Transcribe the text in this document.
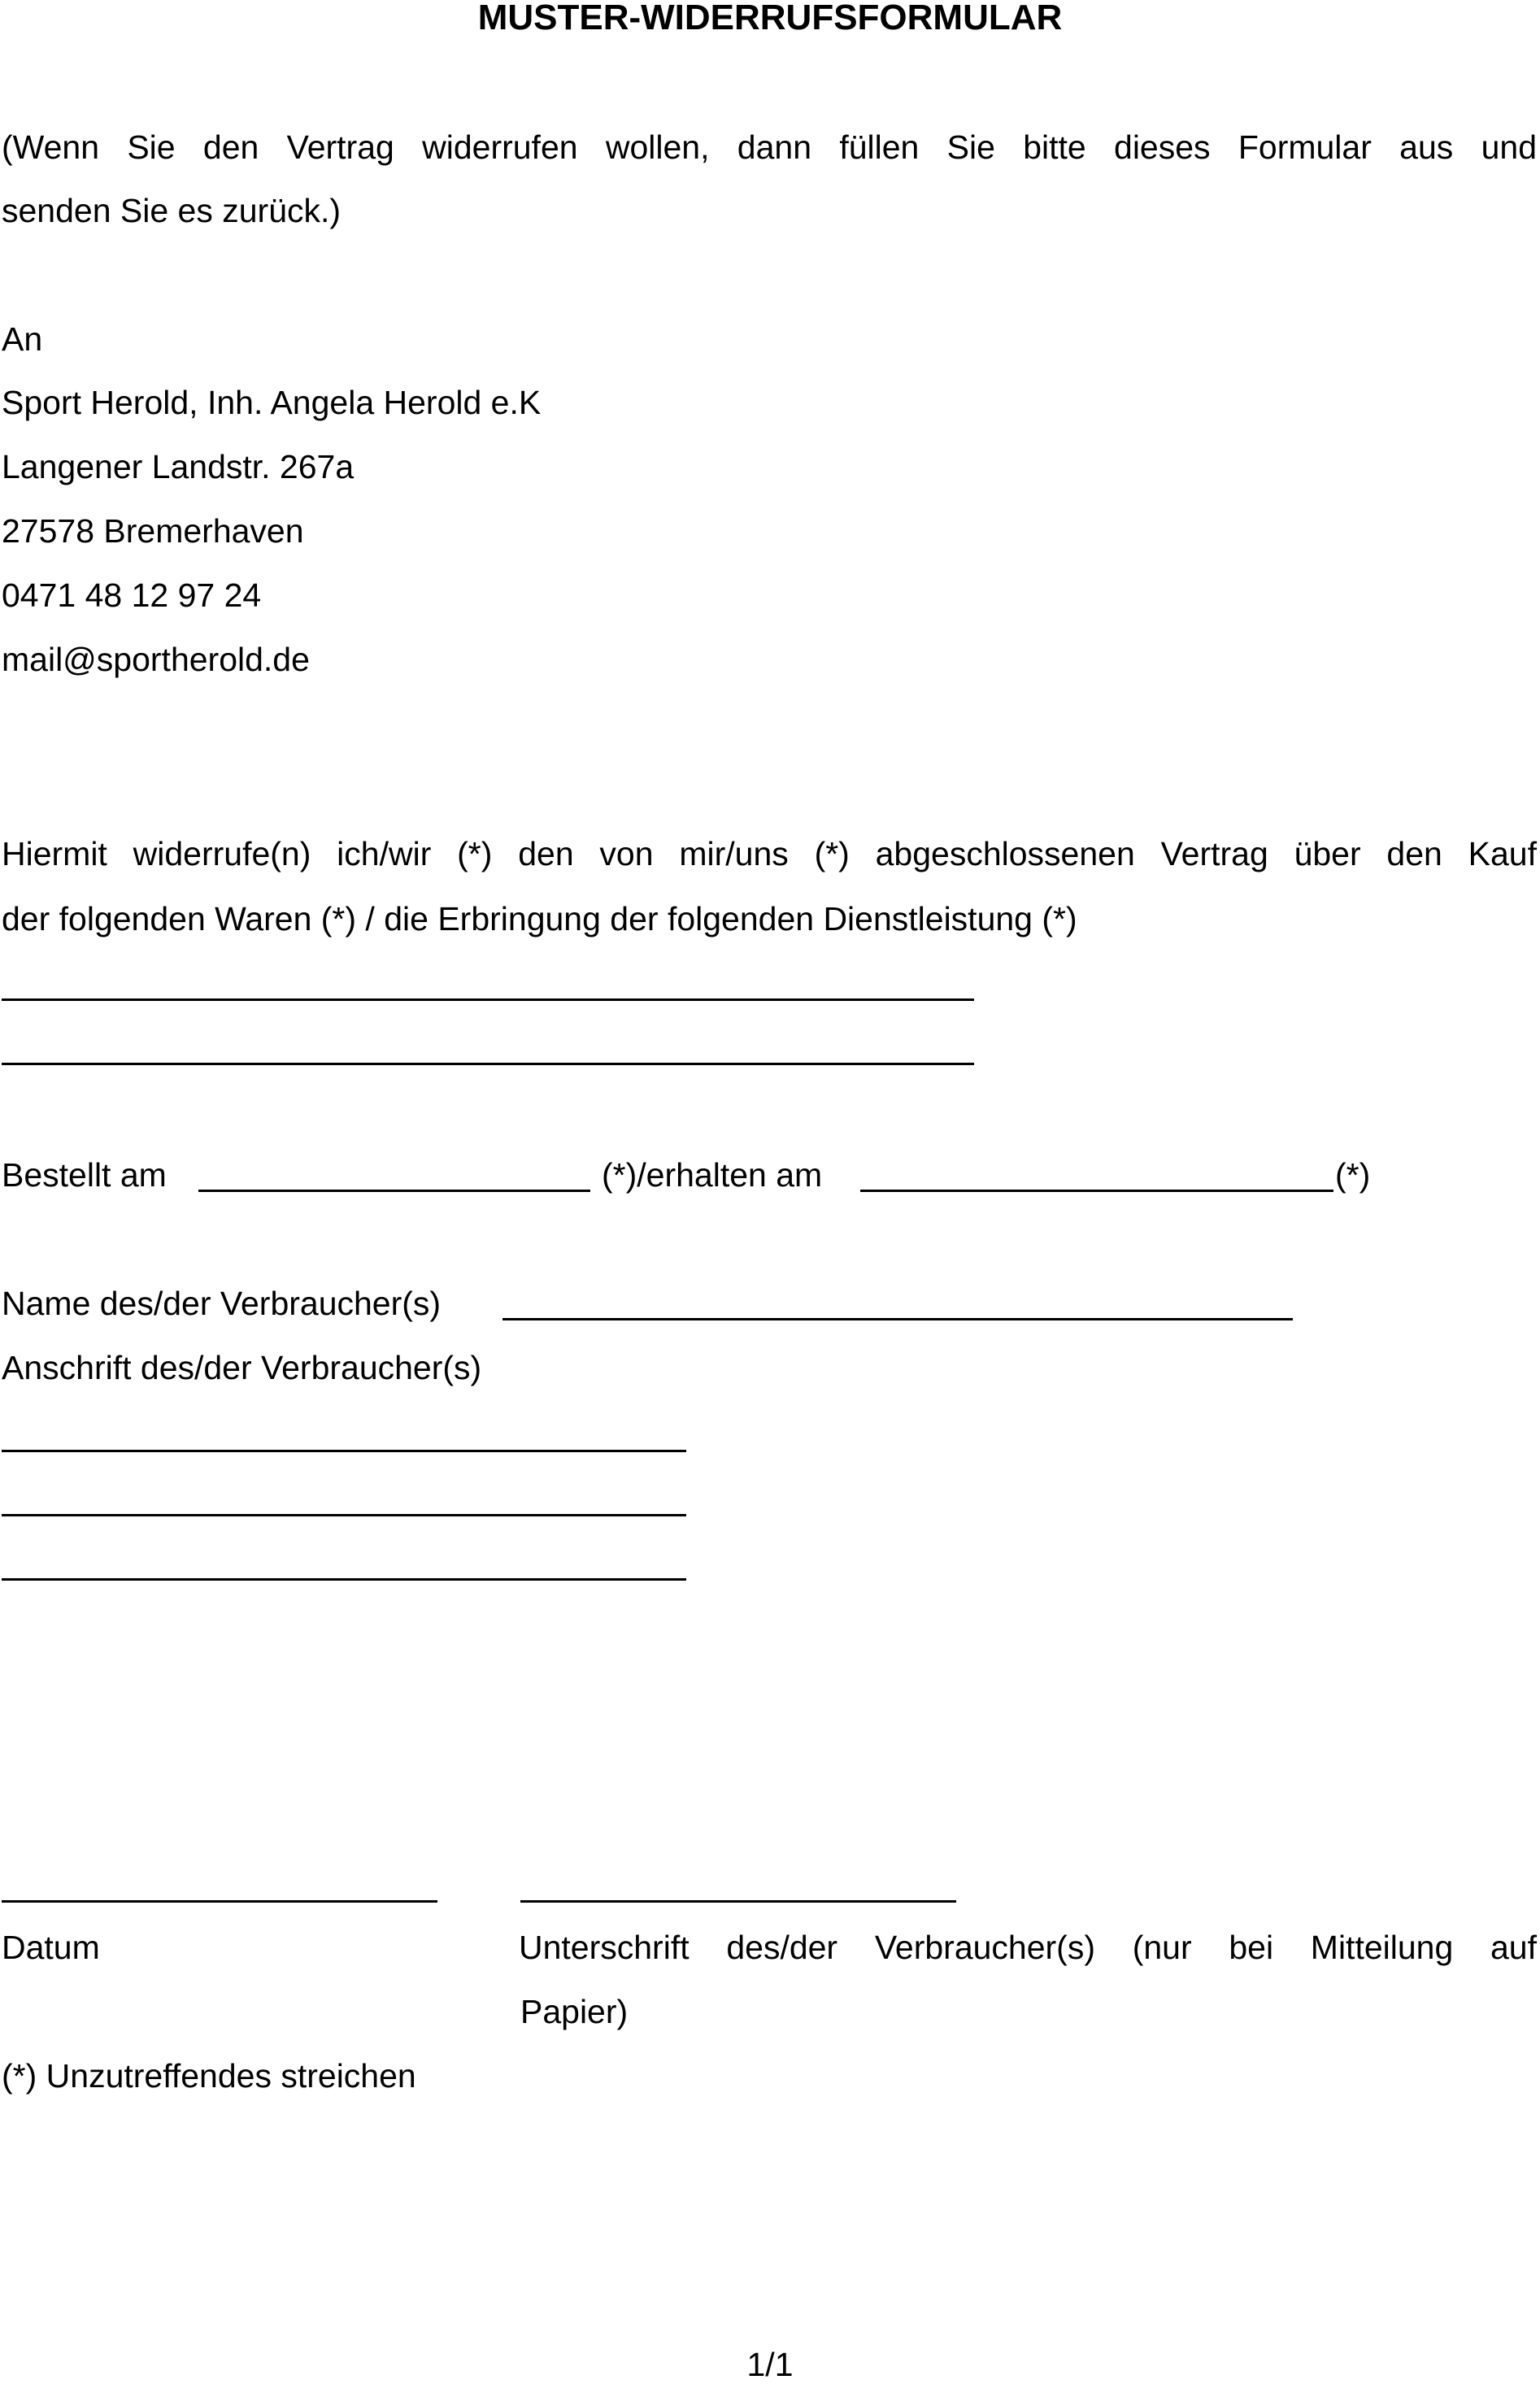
MUSTER-WIDERRUFSFORMULAR
(Wenn Sie den Vertrag widerrufen wollen, dann füllen Sie bitte dieses Formular aus und
senden Sie es zurück.)
An
Sport Herold, Inh. Angela Herold e.K
Langener Landstr. 267a
27578 Bremerhaven
0471 48 12 97 24
mail@sportherold.de
Hiermit widerrufe(n) ich/wir (*) den von mir/uns (*) abgeschlossenen Vertrag über den Kauf
der folgenden Waren (*) / die Erbringung der folgenden Dienstleistung (*)
Bestellt am	(*)/erhalten am	(*)
Name des/der Verbraucher(s)
Anschrift des/der Verbraucher(s)
Datum	Unterschrift des/der Verbraucher(s) (nur bei Mitteilung auf
Papier)
(*) Unzutreffendes streichen
1/1
